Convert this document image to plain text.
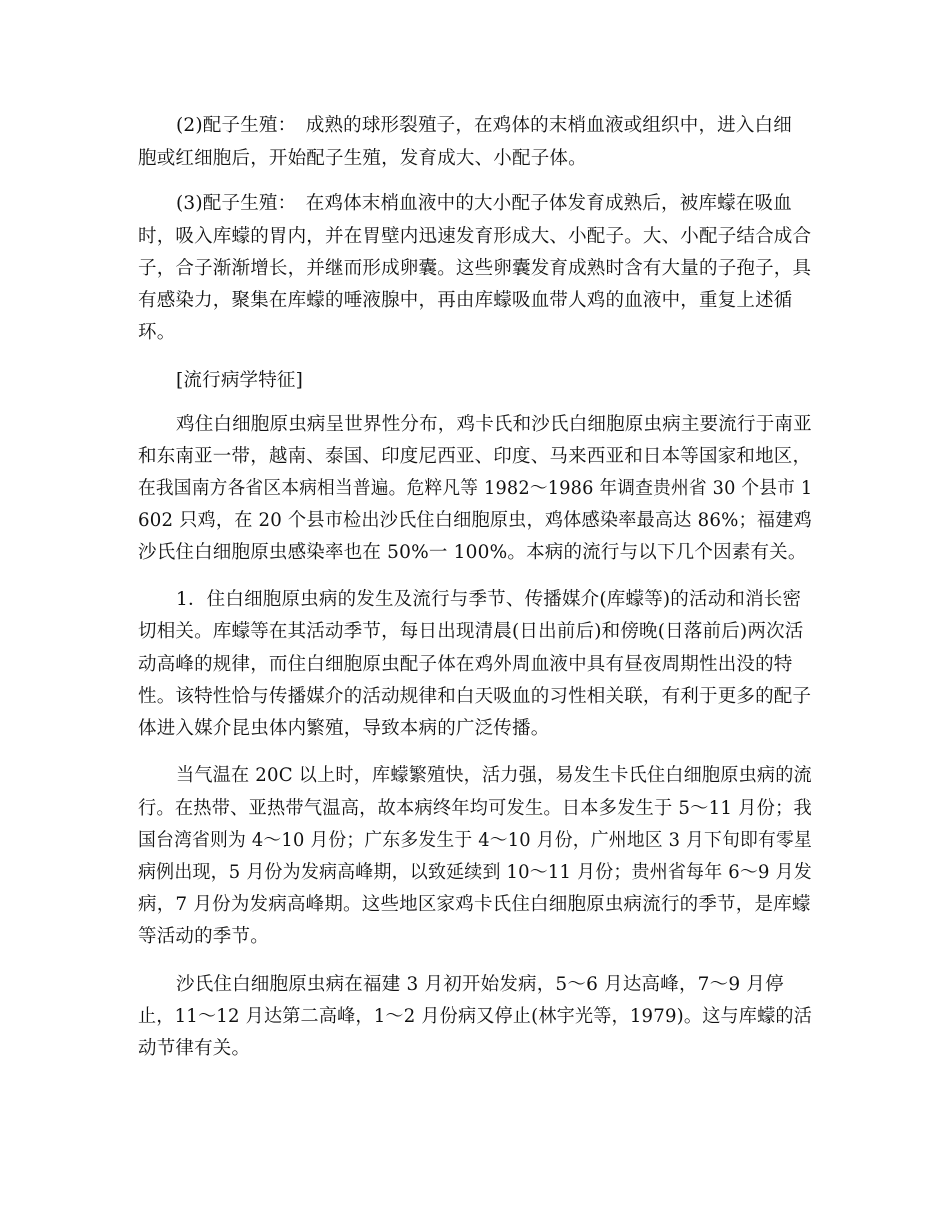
(2)配子生殖：　成熟的球形裂殖子，在鸡体的末梢血液或组织中，进入白细
胞或红细胞后，开始配子生殖，发育成大、小配子体。
(3)配子生殖：　在鸡体末梢血液中的大小配子体发育成熟后，被库蠓在吸血
时，吸入库蠓的胃内，并在胃壁内迅速发育形成大、小配子。大、小配子结合成合
子，合子渐渐增长，并继而形成卵囊。这些卵囊发育成熟时含有大量的子孢子，具
有感染力，聚集在库蠓的唾液腺中，再由库蠓吸血带人鸡的血液中，重复上述循
环。
[流行病学特征]
鸡住白细胞原虫病呈世界性分布，鸡卡氏和沙氏白细胞原虫病主要流行于南亚
和东南亚一带，越南、泰国、印度尼西亚、印度、马来西亚和日本等国家和地区，
在我国南方各省区本病相当普遍。危粹凡等 1982～1986 年调查贵州省 30 个县市 1
602 只鸡，在 20 个县市检出沙氏住白细胞原虫，鸡体感染率最高达 86%；福建鸡
沙氏住白细胞原虫感染率也在 50%一 100%。本病的流行与以下几个因素有关。
1．住白细胞原虫病的发生及流行与季节、传播媒介(库蠓等)的活动和消长密
切相关。库蠓等在其活动季节，每日出现清晨(日出前后)和傍晚(日落前后)两次活
动高峰的规律，而住白细胞原虫配子体在鸡外周血液中具有昼夜周期性出没的特
性。该特性恰与传播媒介的活动规律和白天吸血的习性相关联，有利于更多的配子
体进入媒介昆虫体内繁殖，导致本病的广泛传播。
当气温在 20C 以上时，库蠓繁殖快，活力强，易发生卡氏住白细胞原虫病的流
行。在热带、亚热带气温高，故本病终年均可发生。日本多发生于 5～11 月份；我
国台湾省则为 4～10 月份；广东多发生于 4～10 月份，广州地区 3 月下旬即有零星
病例出现，5 月份为发病高峰期，以致延续到 10～11 月份；贵州省每年 6～9 月发
病，7 月份为发病高峰期。这些地区家鸡卡氏住白细胞原虫病流行的季节，是库蠓
等活动的季节。
沙氏住白细胞原虫病在福建 3 月初开始发病，5～6 月达高峰，7～9 月停
止，11～12 月达第二高峰，1～2 月份病又停止(林宇光等，1979)。这与库蠓的活
动节律有关。
